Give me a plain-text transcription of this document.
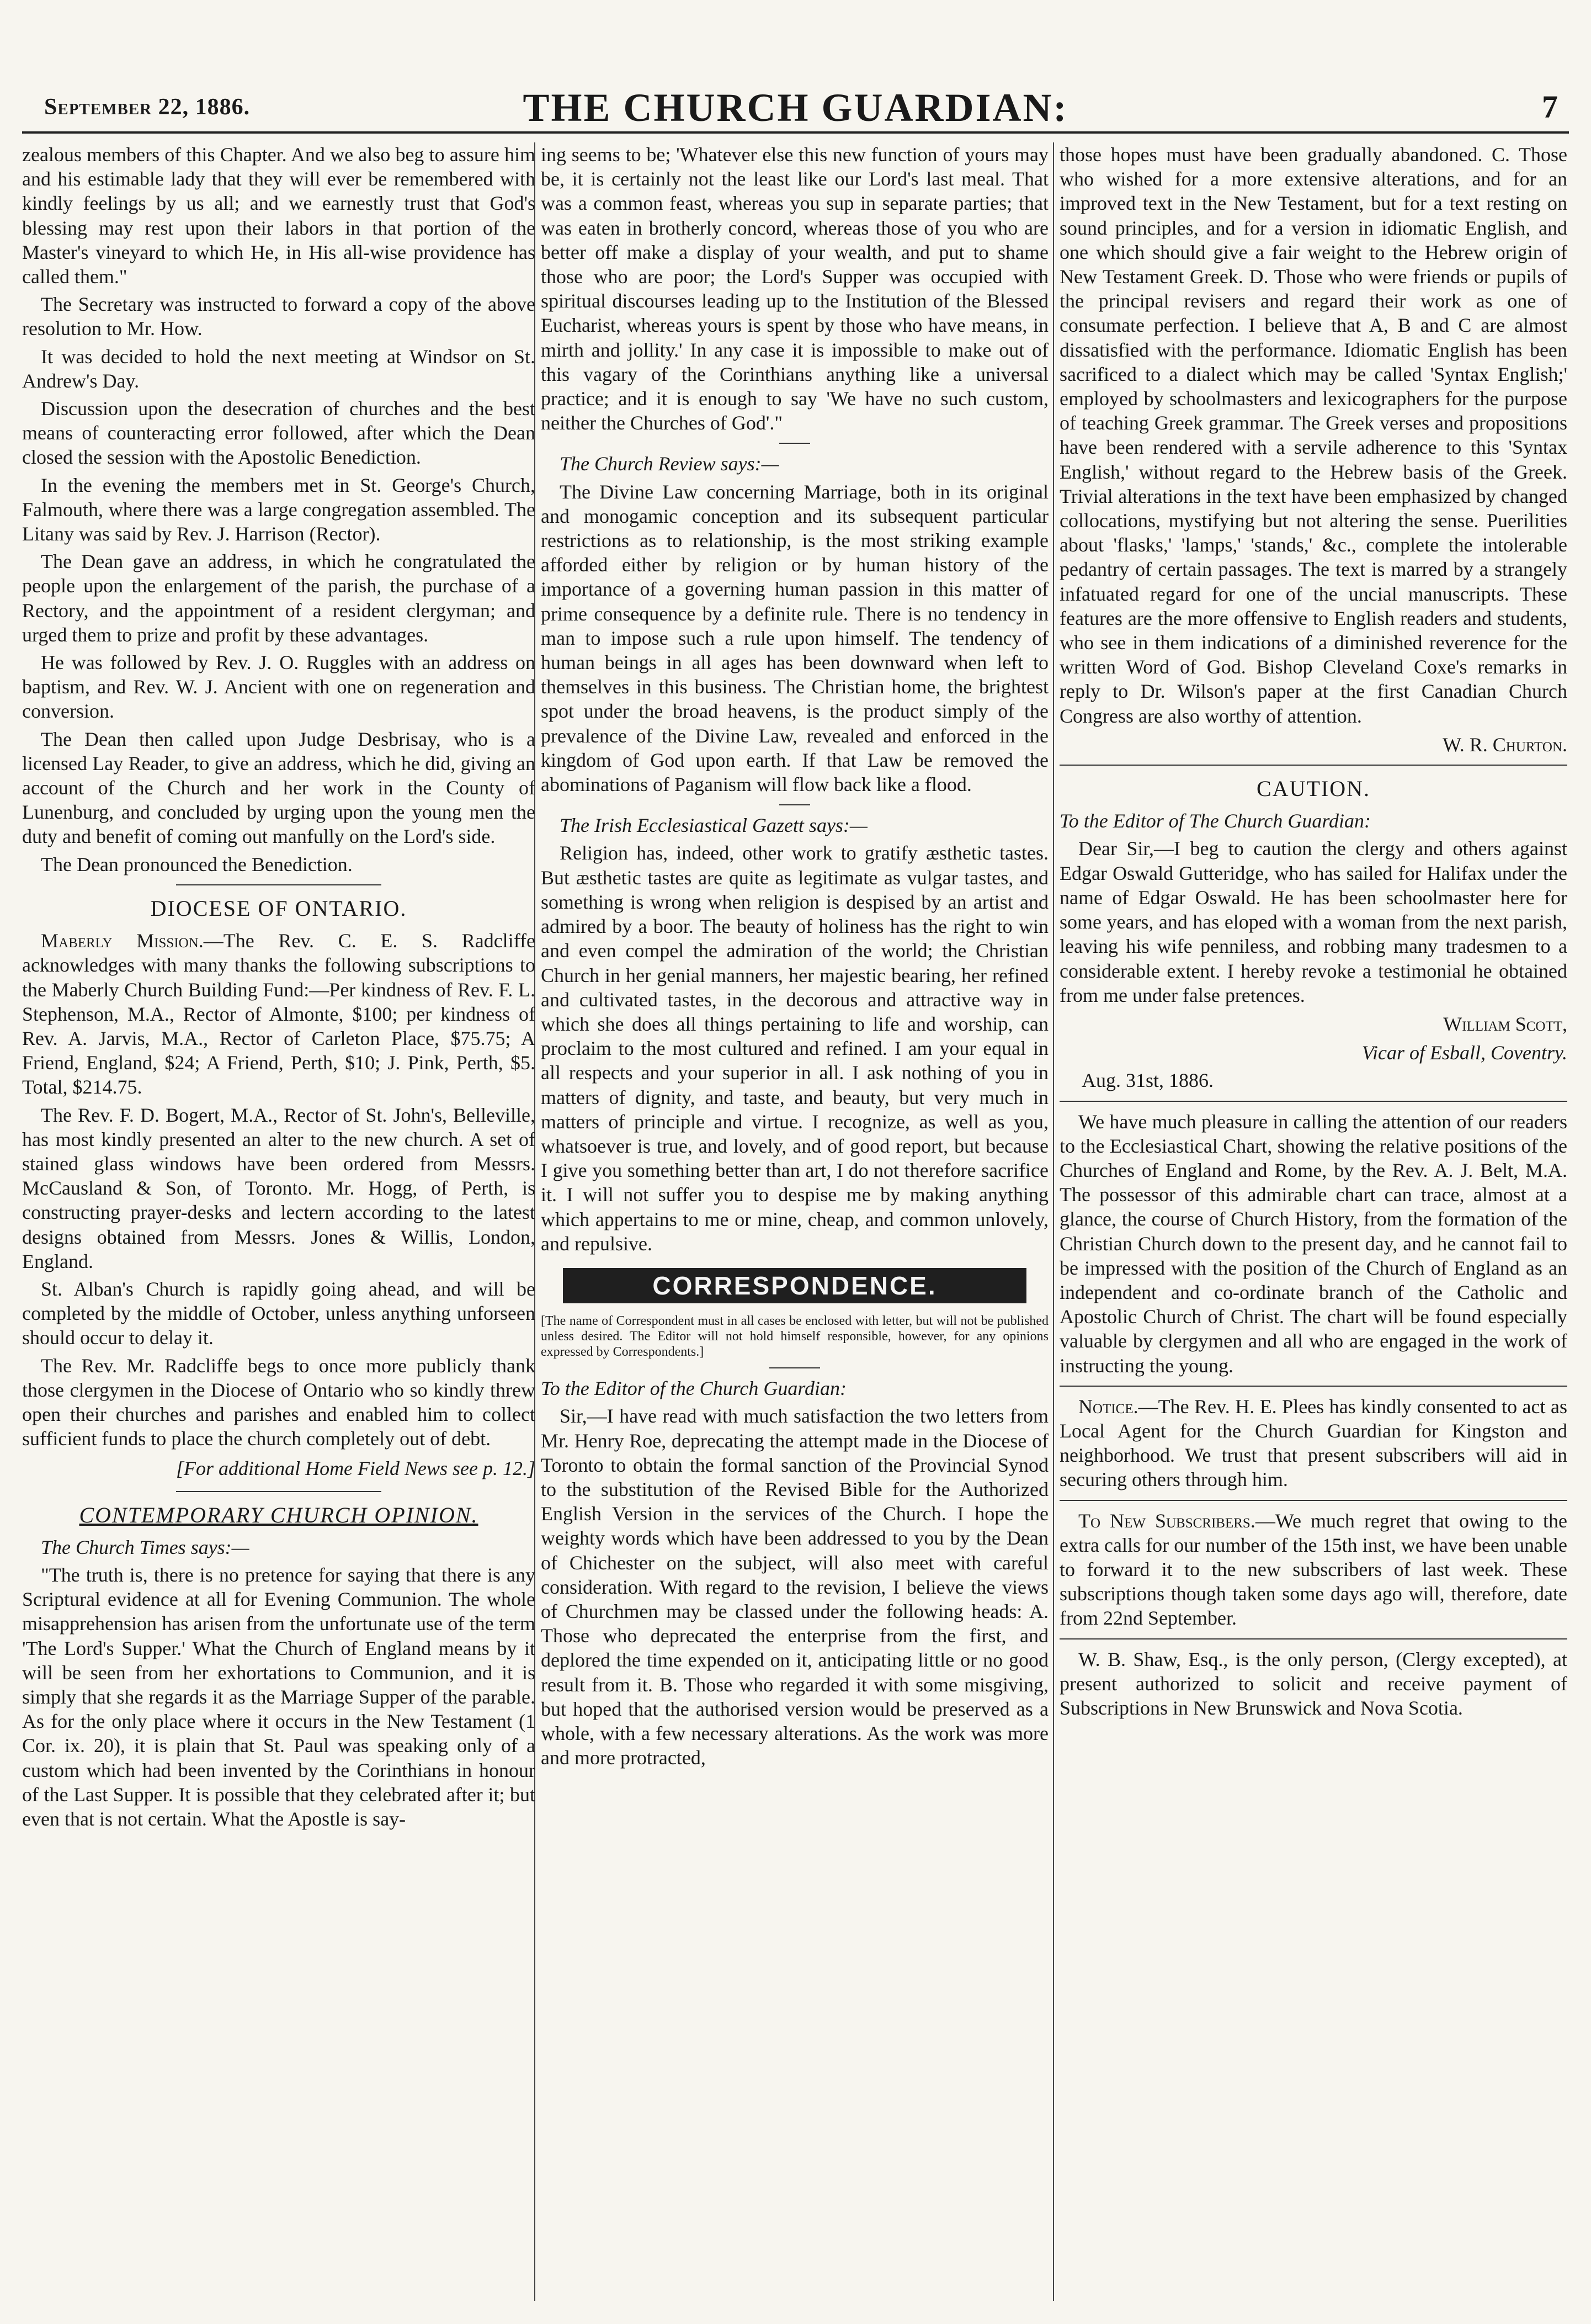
September 22, 1886.	THE CHURCH GUARDIAN:	7

zealous members of this Chapter. And we also beg to assure him and his estimable lady that they will ever be remembered with kindly feelings by us all; and we earnestly trust that God's blessing may rest upon their labors in that portion of the Master's vineyard to which He, in His all-wise providence has called them."

The Secretary was instructed to forward a copy of the above resolution to Mr. How.

It was decided to hold the next meeting at Windsor on St. Andrew's Day.

Discussion upon the desecration of churches and the best means of counteracting error followed, after which the Dean closed the session with the Apostolic Benediction.

In the evening the members met in St. George's Church, Falmouth, where there was a large congregation assembled. The Litany was said by Rev. J. Harrison (Rector).

The Dean gave an address, in which he congratulated the people upon the enlargement of the parish, the purchase of a Rectory, and the appointment of a resident clergyman; and urged them to prize and profit by these advantages.

He was followed by Rev. J. O. Ruggles with an address on baptism, and Rev. W. J. Ancient with one on regeneration and conversion.

The Dean then called upon Judge Desbrisay, who is a licensed Lay Reader, to give an address, which he did, giving an account of the Church and her work in the County of Lunenburg, and concluded by urging upon the young men the duty and benefit of coming out manfully on the Lord's side.

The Dean pronounced the Benediction.

DIOCESE OF ONTARIO.

Maberly Mission.—The Rev. C. E. S. Radcliffe acknowledges with many thanks the following subscriptions to the Maberly Church Building Fund:—Per kindness of Rev. F. L. Stephenson, M.A., Rector of Almonte, $100; per kindness of Rev. A. Jarvis, M.A., Rector of Carleton Place, $75.75; A Friend, England, $24; A Friend, Perth, $10; J. Pink, Perth, $5. Total, $214.75.

The Rev. F. D. Bogert, M.A., Rector of St. John's, Belleville, has most kindly presented an alter to the new church. A set of stained glass windows have been ordered from Messrs. McCausland & Son, of Toronto. Mr. Hogg, of Perth, is constructing prayer-desks and lectern according to the latest designs obtained from Messrs. Jones & Willis, London, England.

St. Alban's Church is rapidly going ahead, and will be completed by the middle of October, unless anything unforseen should occur to delay it.

The Rev. Mr. Radcliffe begs to once more publicly thank those clergymen in the Diocese of Ontario who so kindly threw open their churches and parishes and enabled him to collect sufficient funds to place the church completely out of debt.

[For additional Home Field News see p. 12.]
CONTEMPORARY CHURCH OPINION.

The Church Times says:—

"The truth is, there is no pretence for saying that there is any Scriptural evidence at all for Evening Communion. The whole misapprehension has arisen from the unfortunate use of the term 'The Lord's Supper.' What the Church of England means by it will be seen from her exhortations to Communion, and it is simply that she regards it as the Marriage Supper of the parable. As for the only place where it occurs in the New Testament (1 Cor. ix. 20), it is plain that St. Paul was speaking only of a custom which had been invented by the Corinthians in honour of the Last Supper. It is possible that they celebrated after it; but even that is not certain. What the Apostle is say-

ing seems to be; 'Whatever else this new function of yours may be, it is certainly not the least like our Lord's last meal. That was a common feast, whereas you sup in separate parties; that was eaten in brotherly concord, whereas those of you who are better off make a display of your wealth, and put to shame those who are poor; the Lord's Supper was occupied with spiritual discourses leading up to the Institution of the Blessed Eucharist, whereas yours is spent by those who have means, in mirth and jollity.' In any case it is impossible to make out of this vagary of the Corinthians anything like a universal practice; and it is enough to say 'We have no such custom, neither the Churches of God'."

The Church Review says:—

The Divine Law concerning Marriage, both in its original and monogamic conception and its subsequent particular restrictions as to relationship, is the most striking example afforded either by religion or by human history of the importance of a governing human passion in this matter of prime consequence by a definite rule. There is no tendency in man to impose such a rule upon himself. The tendency of human beings in all ages has been downward when left to themselves in this business. The Christian home, the brightest spot under the broad heavens, is the product simply of the prevalence of the Divine Law, revealed and enforced in the kingdom of God upon earth. If that Law be removed the abominations of Paganism will flow back like a flood.

The Irish Ecclesiastical Gazett says:—

Religion has, indeed, other work to gratify æsthetic tastes. But æsthetic tastes are quite as legitimate as vulgar tastes, and something is wrong when religion is despised by an artist and admired by a boor. The beauty of holiness has the right to win and even compel the admiration of the world; the Christian Church in her genial manners, her majestic bearing, her refined and cultivated tastes, in the decorous and attractive way in which she does all things pertaining to life and worship, can proclaim to the most cultured and refined. I am your equal in all respects and your superior in all. I ask nothing of you in matters of dignity, and taste, and beauty, but very much in matters of principle and virtue. I recognize, as well as you, whatsoever is true, and lovely, and of good report, but because I give you something better than art, I do not therefore sacrifice it. I will not suffer you to despise me by making anything which appertains to me or mine, cheap, and common unlovely, and repulsive.

CORRESPONDENCE.

[The name of Correspondent must in all cases be enclosed with letter, but will not be published unless desired. The Editor will not hold himself responsible, however, for any opinions expressed by Correspondents.]

To the Editor of the Church Guardian:

Sir,—I have read with much satisfaction the two letters from Mr. Henry Roe, deprecating the attempt made in the Diocese of Toronto to obtain the formal sanction of the Provincial Synod to the substitution of the Revised Bible for the Authorized English Version in the services of the Church. I hope the weighty words which have been addressed to you by the Dean of Chichester on the subject, will also meet with careful consideration. With regard to the revision, I believe the views of Churchmen may be classed under the following heads: A. Those who deprecated the enterprise from the first, and deplored the time expended on it, anticipating little or no good result from it. B. Those who regarded it with some misgiving, but hoped that the authorised version would be preserved as a whole, with a few necessary alterations. As the work was more and more protracted,

those hopes must have been gradually abandoned. C. Those who wished for a more extensive alterations, and for an improved text in the New Testament, but for a text resting on sound principles, and for a version in idiomatic English, and one which should give a fair weight to the Hebrew origin of New Testament Greek. D. Those who were friends or pupils of the principal revisers and regard their work as one of consumate perfection. I believe that A, B and C are almost dissatisfied with the performance. Idiomatic English has been sacrificed to a dialect which may be called 'Syntax English;' employed by schoolmasters and lexicographers for the purpose of teaching Greek grammar. The Greek verses and propositions have been rendered with a servile adherence to this 'Syntax English,' without regard to the Hebrew basis of the Greek. Trivial alterations in the text have been emphasized by changed collocations, mystifying but not altering the sense. Puerilities about 'flasks,' 'lamps,' 'stands,' &c., complete the intolerable pedantry of certain passages. The text is marred by a strangely infatuated regard for one of the uncial manuscripts. These features are the more offensive to English readers and students, who see in them indications of a diminished reverence for the written Word of God. Bishop Cleveland Coxe's remarks in reply to Dr. Wilson's paper at the first Canadian Church Congress are also worthy of attention.

W. R. Churton.
CAUTION.

To the Editor of The Church Guardian:

Dear Sir,—I beg to caution the clergy and others against Edgar Oswald Gutteridge, who has sailed for Halifax under the name of Edgar Oswald. He has been schoolmaster here for some years, and has eloped with a woman from the next parish, leaving his wife penniless, and robbing many tradesmen to a considerable extent. I hereby revoke a testimonial he obtained from me under false pretences.

William Scott,
Vicar of Esball, Coventry.

Aug. 31st, 1886.

We have much pleasure in calling the attention of our readers to the Ecclesiastical Chart, showing the relative positions of the Churches of England and Rome, by the Rev. A. J. Belt, M.A. The possessor of this admirable chart can trace, almost at a glance, the course of Church History, from the formation of the Christian Church down to the present day, and he cannot fail to be impressed with the position of the Church of England as an independent and co-ordinate branch of the Catholic and Apostolic Church of Christ. The chart will be found especially valuable by clergymen and all who are engaged in the work of instructing the young.

Notice.—The Rev. H. E. Plees has kindly consented to act as Local Agent for the Church Guardian for Kingston and neighborhood. We trust that present subscribers will aid in securing others through him.

To New Subscribers.—We much regret that owing to the extra calls for our number of the 15th inst, we have been unable to forward it to the new subscribers of last week. These subscriptions though taken some days ago will, therefore, date from 22nd September.

W. B. Shaw, Esq., is the only person, (Clergy excepted), at present authorized to solicit and receive payment of Subscriptions in New Brunswick and Nova Scotia.
